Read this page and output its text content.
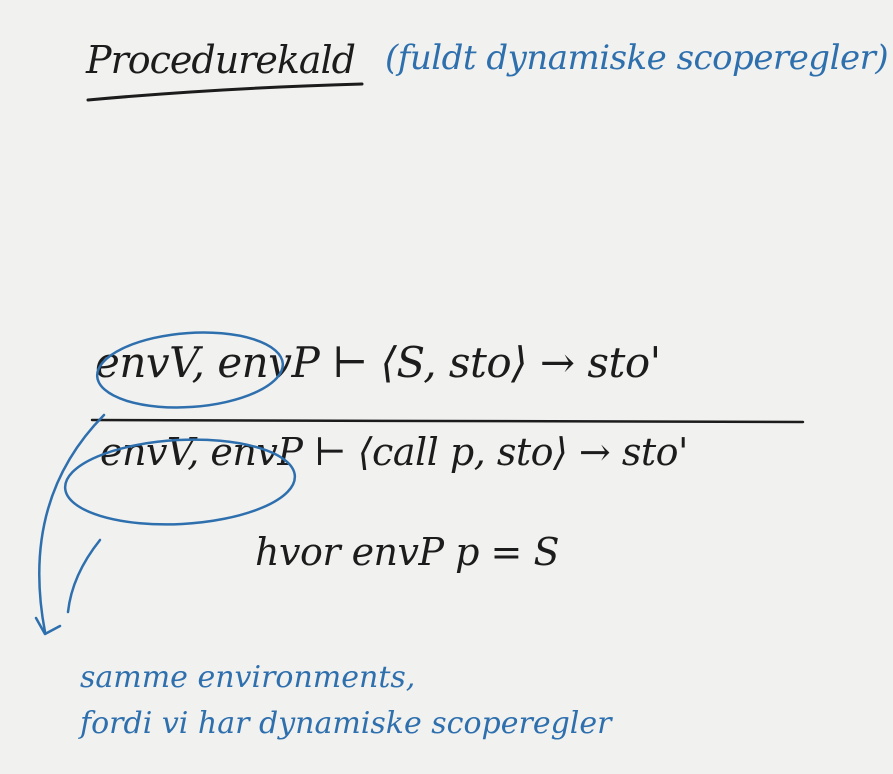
Procedurekald (fuldt dynamiske scoperegler)
envV, envP ⊢ ⟨S, sto⟩ → sto'
envV, envP ⊢ ⟨call p, sto⟩ → sto'
hvor envP p = S
samme environments,
fordi vi har dynamiske scoperegler
